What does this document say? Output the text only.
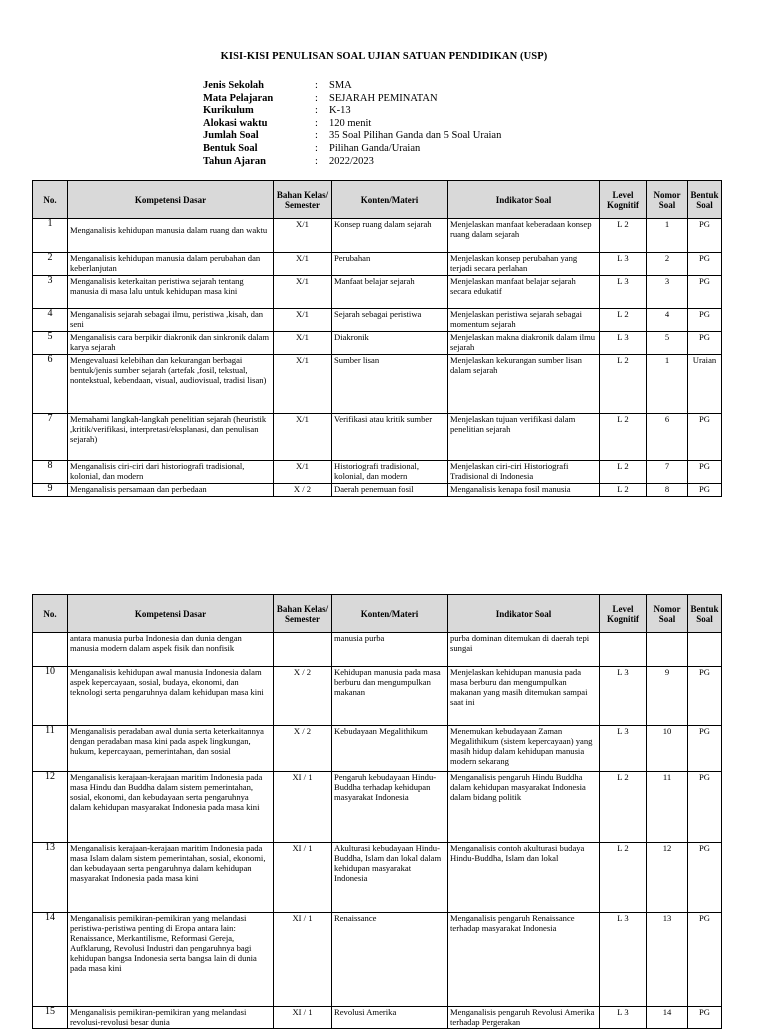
KISI-KISI PENULISAN SOAL UJIAN SATUAN PENDIDIKAN (USP)
Jenis Sekolah	:	SMA
Mata Pelajaran	:	SEJARAH PEMINATAN
Kurikulum	:	K-13
Alokasi waktu	:	120 menit
Jumlah Soal	:	35 Soal Pilihan Ganda dan 5 Soal Uraian
Bentuk Soal	:	Pilihan Ganda/Uraian
Tahun Ajaran	:	2022/2023
No.	Kompetensi Dasar	Bahan Kelas/ Semester	Konten/Materi	Indikator Soal	Level Kognitif	Nomor Soal	Bentuk Soal
1	Menganalisis kehidupan manusia dalam ruang dan waktu	X/1	Konsep ruang dalam sejarah	Menjelaskan manfaat keberadaan konsep ruang dalam sejarah	L 2	1	PG
2	Menganalisis kehidupan manusia dalam perubahan dan keberlanjutan	X/1	Perubahan	Menjelaskan konsep perubahan yang terjadi secara perlahan	L 3	2	PG
3	Menganalisis keterkaitan peristiwa sejarah tentang manusia di masa lalu untuk kehidupan masa kini	X/1	Manfaat belajar sejarah	Menjelaskan manfaat belajar sejarah secara edukatif	L 3	3	PG
4	Menganalisis sejarah sebagai ilmu, peristiwa ,kisah, dan seni	X/1	Sejarah sebagai peristiwa	Menjelaskan peristiwa sejarah sebagai momentum sejarah	L 2	4	PG
5	Menganalisis cara berpikir diakronik dan sinkronik dalam karya sejarah	X/1	Diakronik	Menjelaskan makna diakronik dalam ilmu sejarah	L 3	5	PG
6	Mengevaluasi kelebihan dan kekurangan berbagai bentuk/jenis sumber sejarah (artefak ,fosil, tekstual, nontekstual, kebendaan, visual, audiovisual, tradisi lisan)	X/1	Sumber lisan	Menjelaskan kekurangan sumber lisan dalam sejarah	L 2	1	Uraian
7	Memahami langkah-langkah penelitian sejarah (heuristik ,kritik/verifikasi, interpretasi/eksplanasi, dan penulisan sejarah)	X/1	Verifikasi atau kritik sumber	Menjelaskan tujuan verifikasi dalam penelitian sejarah	L 2	6	PG
8	Menganalisis ciri-ciri dari historiografi tradisional, kolonial, dan modern	X/1	Historiografi tradisional, kolonial, dan modern	Menjelaskan ciri-ciri Historiografi Tradisional di Indonesia	L 2	7	PG
9	Menganalisis persamaan dan perbedaan	X / 2	Daerah penemuan fosil	Menganalisis kenapa fosil manusia	L 2	8	PG
No.	Kompetensi Dasar	Bahan Kelas/ Semester	Konten/Materi	Indikator Soal	Level Kognitif	Nomor Soal	Bentuk Soal
	antara manusia purba Indonesia dan dunia dengan manusia modern dalam aspek fisik dan nonfisik		manusia purba	purba dominan ditemukan di daerah tepi sungai			
10	Menganalisis kehidupan awal manusia Indonesia dalam aspek kepercayaan, sosial, budaya, ekonomi, dan teknologi serta pengaruhnya dalam kehidupan masa kini	X / 2	Kehidupan manusia pada masa berburu dan mengumpulkan makanan	Menjelaskan kehidupan manusia pada masa berburu dan mengumpulkan makanan yang masih ditemukan sampai saat ini	L 3	9	PG
11	Menganalisis peradaban awal dunia serta keterkaitannya dengan peradaban masa kini pada aspek lingkungan, hukum, kepercayaan, pemerintahan, dan sosial	X / 2	Kebudayaan Megalithikum	Menemukan kebudayaan Zaman Megalithikum (sistem kepercayaan) yang masih hidup dalam kehidupan manusia modern sekarang	L 3	10	PG
12	Menganalisis kerajaan-kerajaan maritim Indonesia pada masa Hindu dan Buddha dalam sistem pemerintahan, sosial, ekonomi, dan kebudayaan serta pengaruhnya dalam kehidupan masyarakat Indonesia pada masa kini	XI / 1	Pengaruh kebudayaan Hindu-Buddha terhadap kehidupan masyarakat Indonesia	Menganalisis pengaruh Hindu Buddha dalam kehidupan masyarakat Indonesia dalam bidang politik	L 2	11	PG
13	Menganalisis kerajaan-kerajaan maritim Indonesia pada masa Islam dalam sistem pemerintahan, sosial, ekonomi, dan kebudayaan serta pengaruhnya dalam kehidupan masyarakat Indonesia pada masa kini	XI / 1	Akulturasi kebudayaan Hindu-Buddha, Islam dan lokal dalam kehidupan masyarakat Indonesia	Menganalisis contoh akulturasi budaya Hindu-Buddha, Islam dan lokal	L 2	12	PG
14	Menganalisis pemikiran-pemikiran yang melandasi peristiwa-peristiwa penting di Eropa antara lain: Renaissance, Merkantilisme, Reformasi Gereja, Aufklarung, Revolusi Industri dan pengaruhnya bagi kehidupan bangsa Indonesia serta bangsa lain di dunia pada masa kini	XI / 1	Renaissance	Menganalisis pengaruh Renaissance terhadap masyarakat Indonesia	L 3	13	PG
15	Menganalisis pemikiran-pemikiran yang melandasi revolusi-revolusi besar dunia	XI / 1	Revolusi Amerika	Menganalisis pengaruh Revolusi Amerika terhadap Pergerakan	L 3	14	PG
